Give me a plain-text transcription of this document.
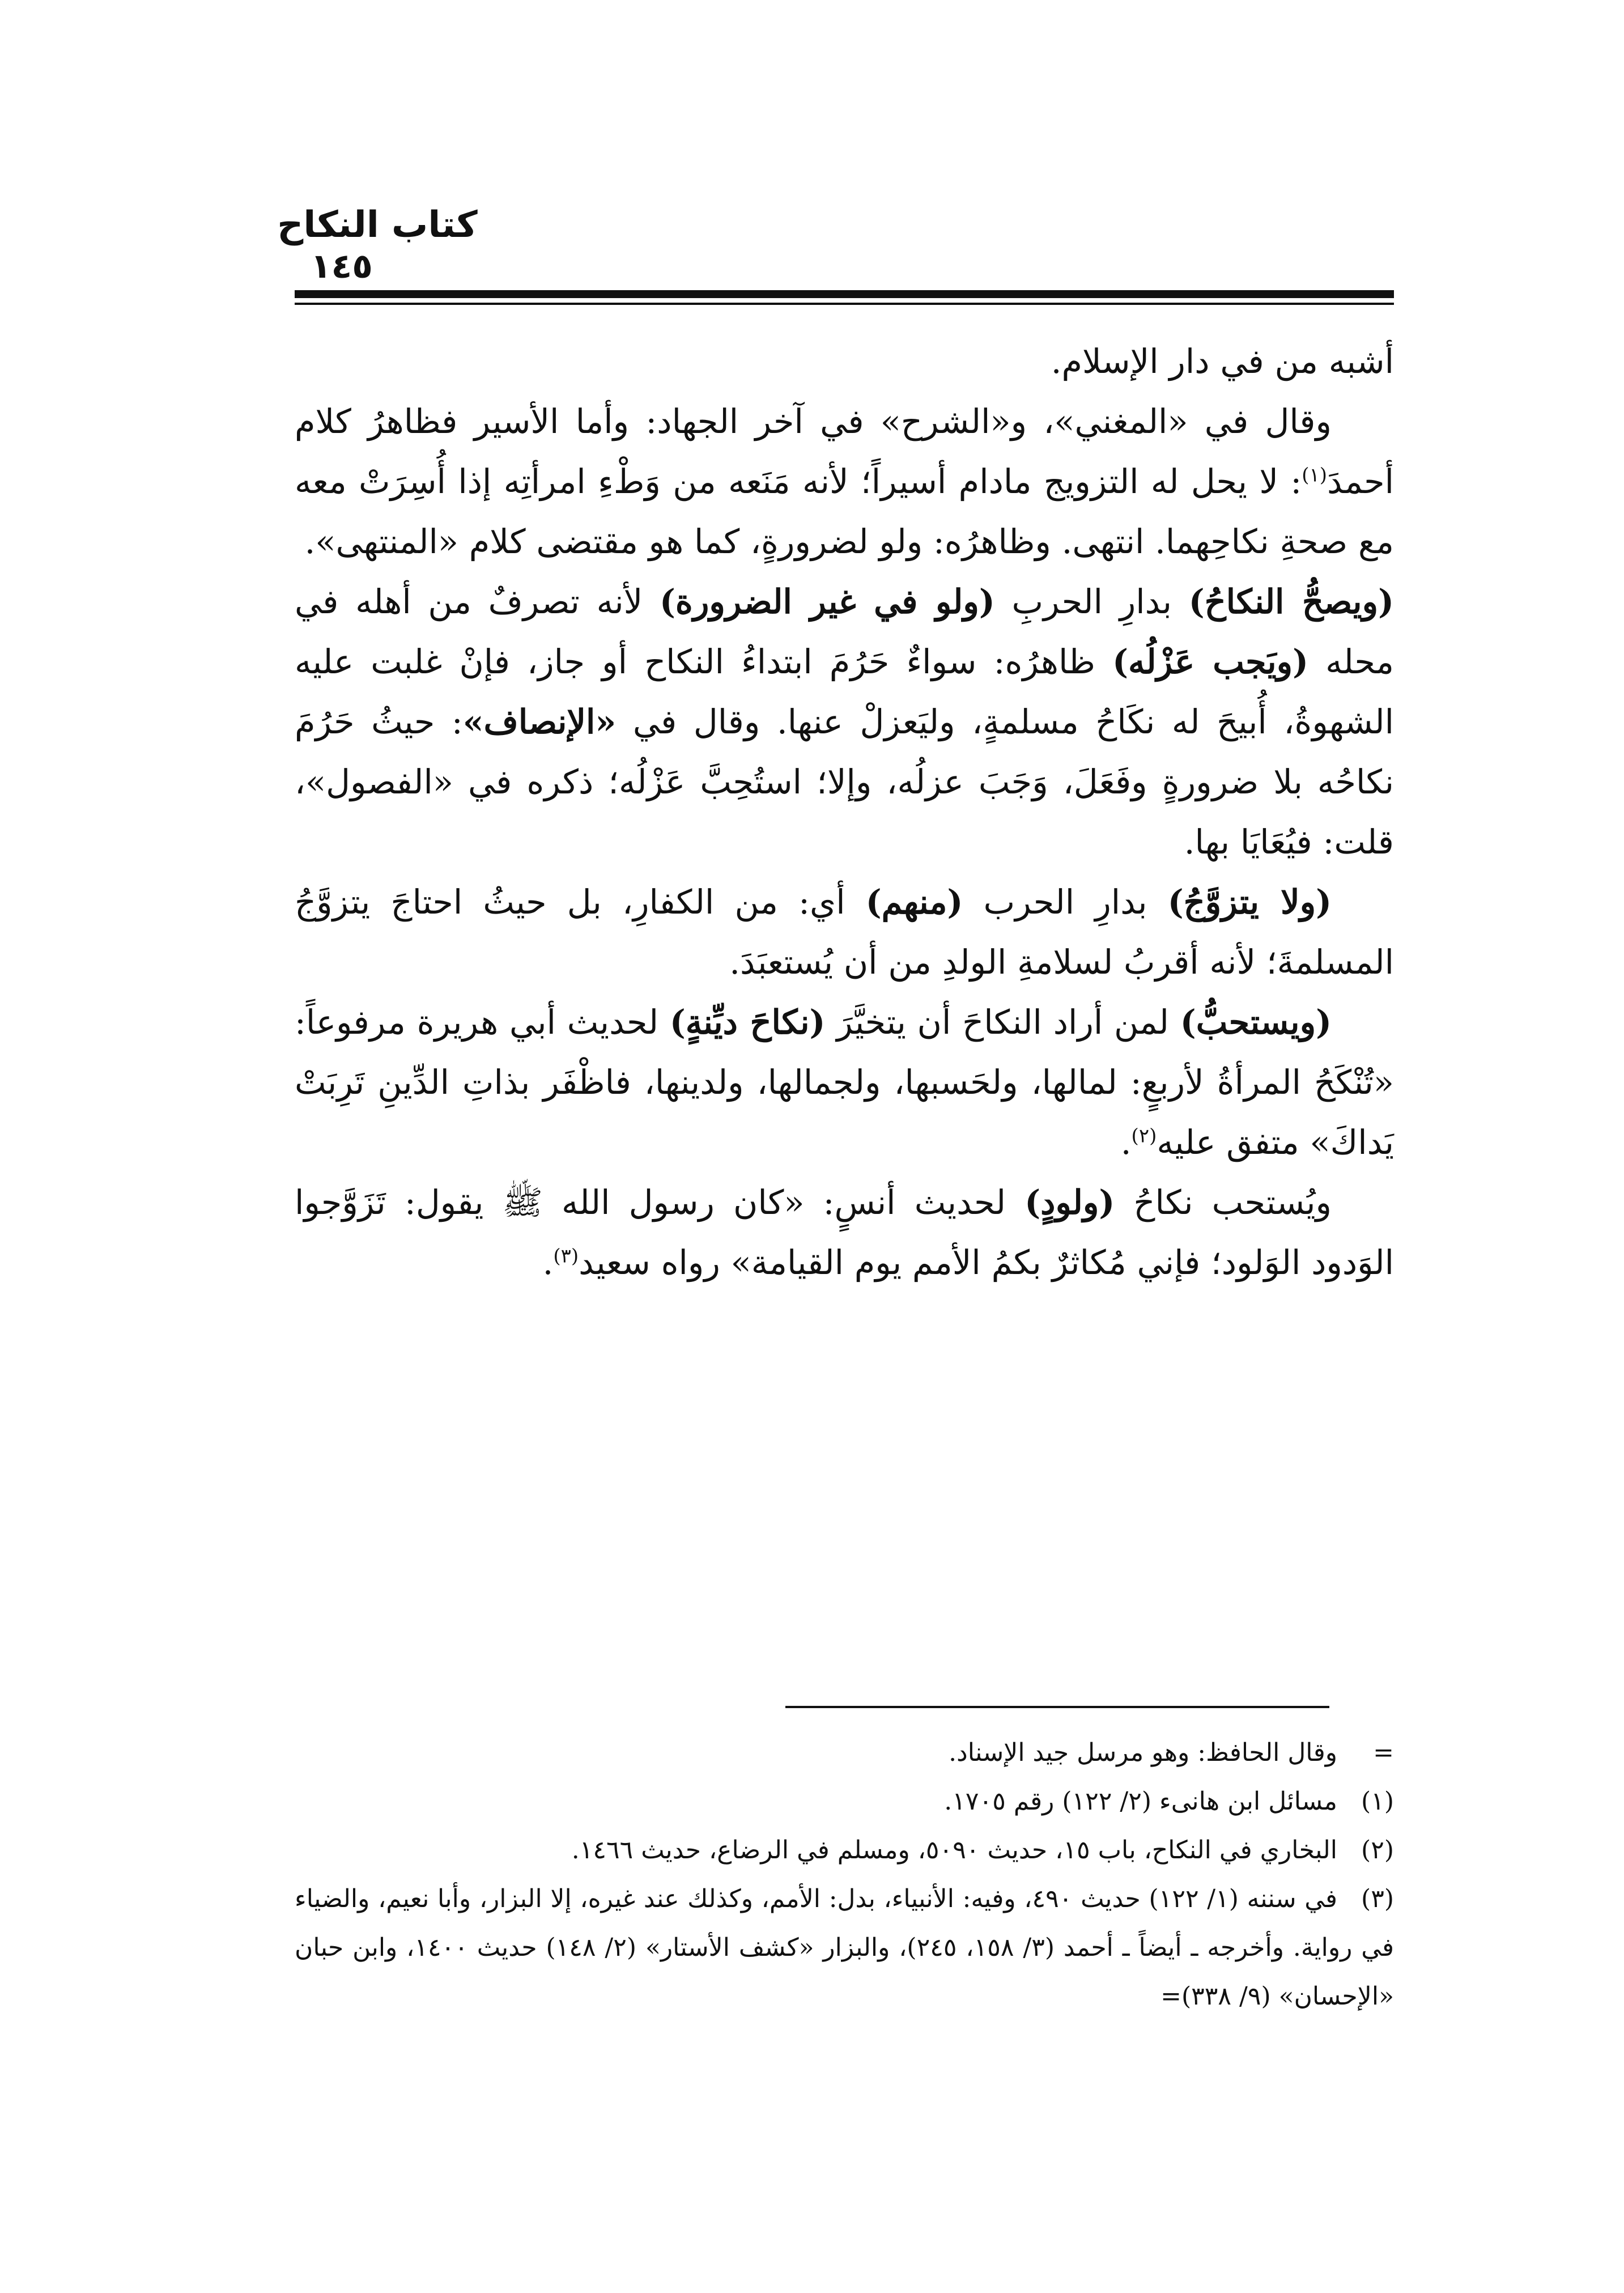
كتاب النكاح
١٤٥

أشبه من في دار الإسلام.

وقال في «المغني»، و«الشرح» في آخر الجهاد: وأما الأسير فظاهرُ كلام أحمدَ$^{(١)}$: لا يحل له التزويج مادام أسيراً؛ لأنه مَنَعه من وَطْءِ امرأتِه إذا أُسِرَتْ معه مع صحةِ نكاحِهما. انتهى. وظاهرُه: ولو لضرورةٍ، كما هو مقتضى كلام «المنتهى».

(ويصحُّ النكاحُ) بدارِ الحربِ (ولو في غير الضرورة) لأنه تصرفٌ من أهله في محله (ويَجب عَزْلُه) ظاهرُه: سواءٌ حَرُمَ ابتداءُ النكاح أو جاز، فإنْ غلبت عليه الشهوةُ، أُبيحَ له نكَاحُ مسلمةٍ، وليَعزلْ عنها. وقال في «الإنصاف»: حيثُ حَرُمَ نكاحُه بلا ضرورةٍ وفَعَلَ، وَجَبَ عزلُه، وإلا؛ استُحِبَّ عَزْلُه؛ ذكره في «الفصول»، قلت: فيُعَايَا بها.

(ولا يتزوَّجُ) بدارِ الحرب (منهم) أي: من الكفارِ، بل حيثُ احتاجَ يتزوَّجُ المسلمةَ؛ لأنه أقربُ لسلامةِ الولدِ من أن يُستعبَدَ.

(ويستحبُّ) لمن أراد النكاحَ أن يتخيَّرَ (نكاحَ ديِّنةٍ) لحديث أبي هريرة مرفوعاً: «تُنْكَحُ المرأةُ لأربعٍ: لمالها، ولحَسبها، ولجمالها، ولدينها، فاظْفَر بذاتِ الدِّينِ تَرِبَتْ يَداكَ» متفق عليه$^{(٢)}$.

ويُستحب نكاحُ (ولودٍ) لحديث أنسٍ: «كان رسول الله ﷺ يقول: تَزَوَّجوا الوَدود الوَلود؛ فإني مُكاثرٌ بكمُ الأمم يوم القيامة» رواه سعيد$^{(٣)}$.

=وقال الحافظ: وهو مرسل جيد الإسناد.

(١)مسائل ابن هانىء (٢/ ١٢٢) رقم ١٧٠٥.

(٢)البخاري في النكاح، باب ١٥، حديث ٥٠٩٠، ومسلم في الرضاع، حديث ١٤٦٦.

(٣)في سننه (١/ ١٢٢) حديث ٤٩٠، وفيه: الأنبياء، بدل: الأمم، وكذلك عند غيره، إلا البزار، وأبا نعيم، والضياء في رواية. وأخرجه ـ أيضاً ـ أحمد (٣/ ١٥٨، ٢٤٥)، والبزار «كشف الأستار» (٢/ ١٤٨) حديث ١٤٠٠، وابن حبان «الإحسان» (٩/ ٣٣٨)=
